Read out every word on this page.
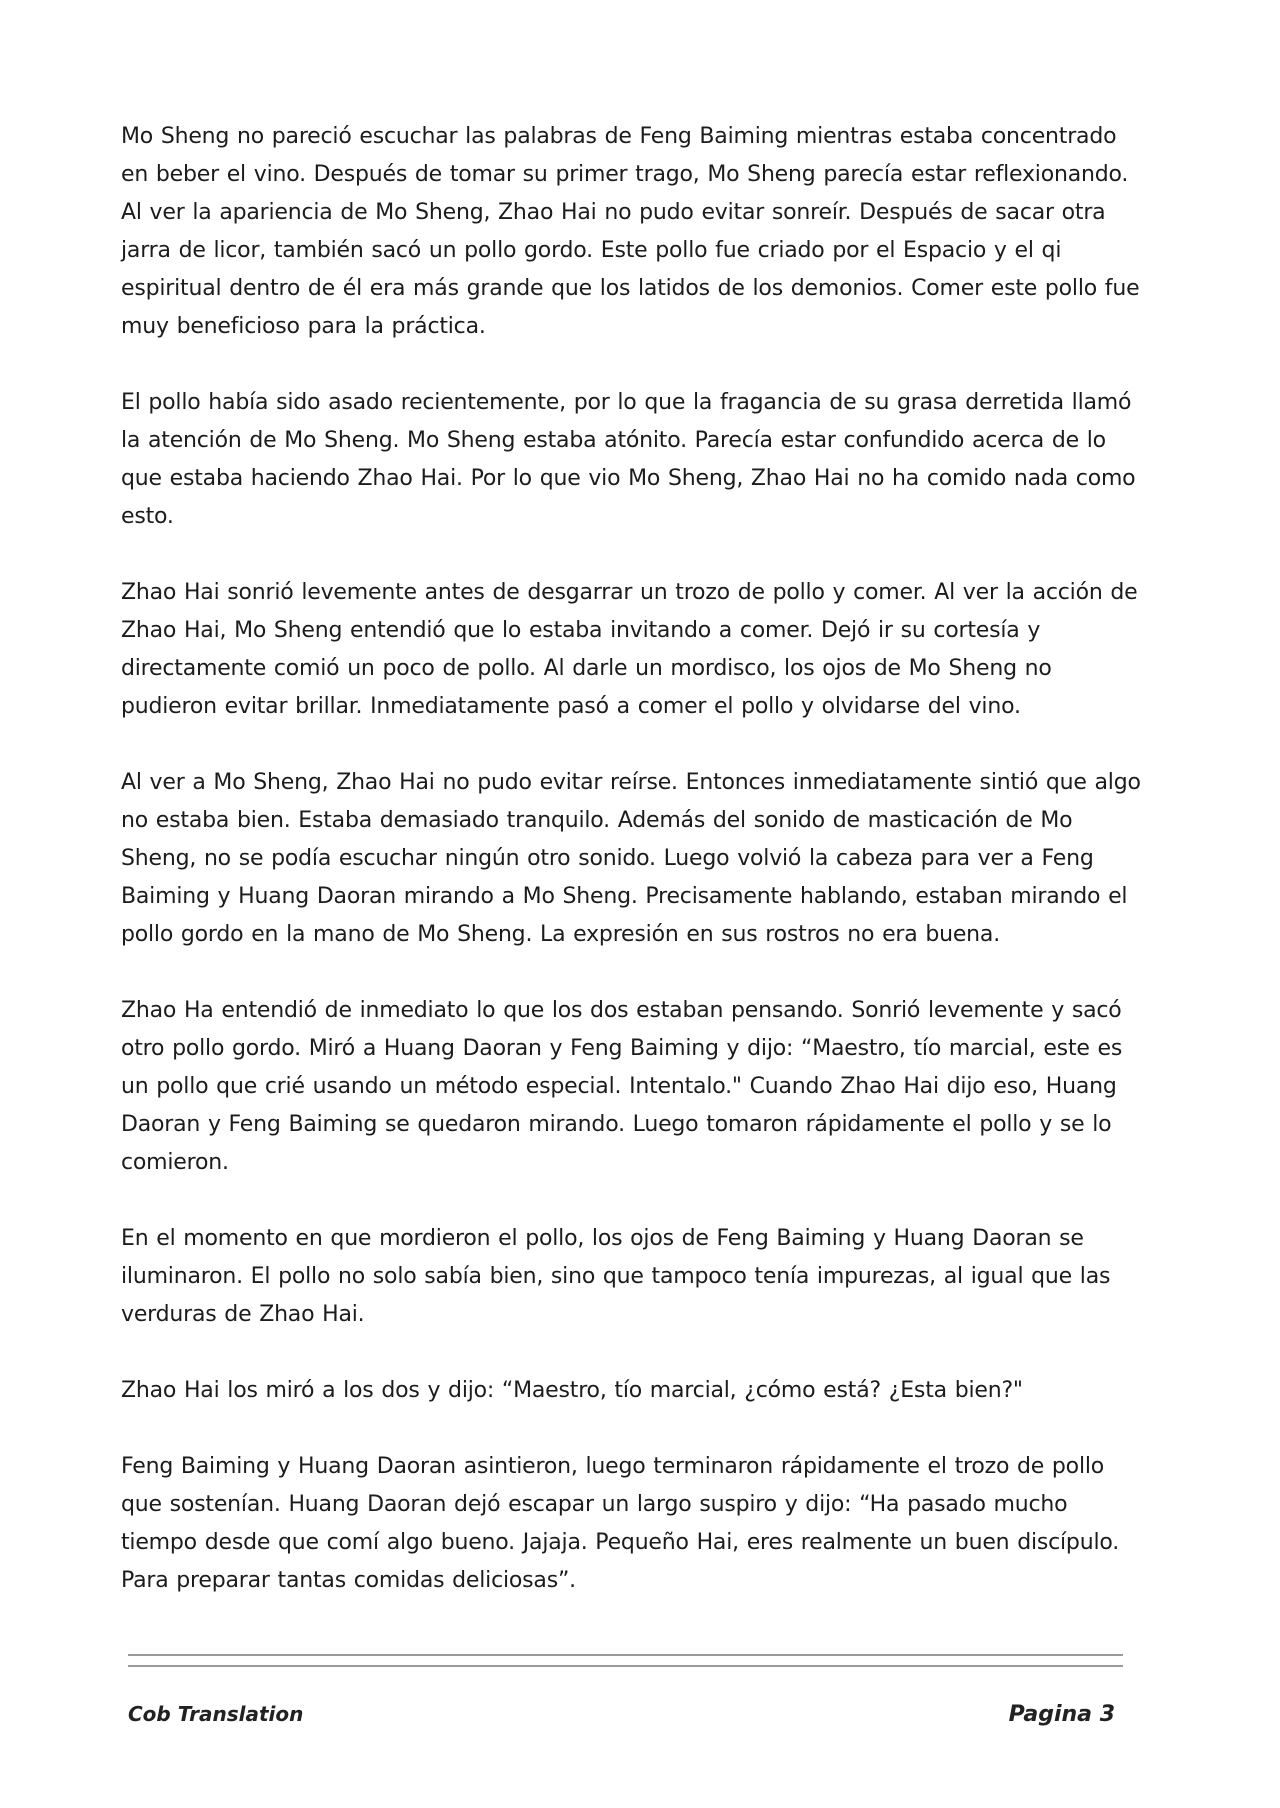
Mo Sheng no pareció escuchar las palabras de Feng Baiming mientras estaba concentrado en beber el vino. Después de tomar su primer trago, Mo Sheng parecía estar reflexionando. Al ver la apariencia de Mo Sheng, Zhao Hai no pudo evitar sonreír. Después de sacar otra jarra de licor, también sacó un pollo gordo. Este pollo fue criado por el Espacio y el qi espiritual dentro de él era más grande que los latidos de los demonios. Comer este pollo fue muy beneficioso para la práctica.

El pollo había sido asado recientemente, por lo que la fragancia de su grasa derretida llamó la atención de Mo Sheng. Mo Sheng estaba atónito. Parecía estar confundido acerca de lo que estaba haciendo Zhao Hai. Por lo que vio Mo Sheng, Zhao Hai no ha comido nada como esto.

Zhao Hai sonrió levemente antes de desgarrar un trozo de pollo y comer. Al ver la acción de Zhao Hai, Mo Sheng entendió que lo estaba invitando a comer. Dejó ir su cortesía y directamente comió un poco de pollo. Al darle un mordisco, los ojos de Mo Sheng no pudieron evitar brillar. Inmediatamente pasó a comer el pollo y olvidarse del vino.

Al ver a Mo Sheng, Zhao Hai no pudo evitar reírse. Entonces inmediatamente sintió que algo no estaba bien. Estaba demasiado tranquilo. Además del sonido de masticación de Mo Sheng, no se podía escuchar ningún otro sonido. Luego volvió la cabeza para ver a Feng Baiming y Huang Daoran mirando a Mo Sheng. Precisamente hablando, estaban mirando el pollo gordo en la mano de Mo Sheng. La expresión en sus rostros no era buena.

Zhao Ha entendió de inmediato lo que los dos estaban pensando. Sonrió levemente y sacó otro pollo gordo. Miró a Huang Daoran y Feng Baiming y dijo: “Maestro, tío marcial, este es un pollo que crié usando un método especial. Intentalo." Cuando Zhao Hai dijo eso, Huang Daoran y Feng Baiming se quedaron mirando. Luego tomaron rápidamente el pollo y se lo comieron.

En el momento en que mordieron el pollo, los ojos de Feng Baiming y Huang Daoran se iluminaron. El pollo no solo sabía bien, sino que tampoco tenía impurezas, al igual que las verduras de Zhao Hai.

Zhao Hai los miró a los dos y dijo: “Maestro, tío marcial, ¿cómo está? ¿Esta bien?"

Feng Baiming y Huang Daoran asintieron, luego terminaron rápidamente el trozo de pollo que sostenían. Huang Daoran dejó escapar un largo suspiro y dijo: “Ha pasado mucho tiempo desde que comí algo bueno. Jajaja. Pequeño Hai, eres realmente un buen discípulo. Para preparar tantas comidas deliciosas”.

Cob Translation	Pagina 3
